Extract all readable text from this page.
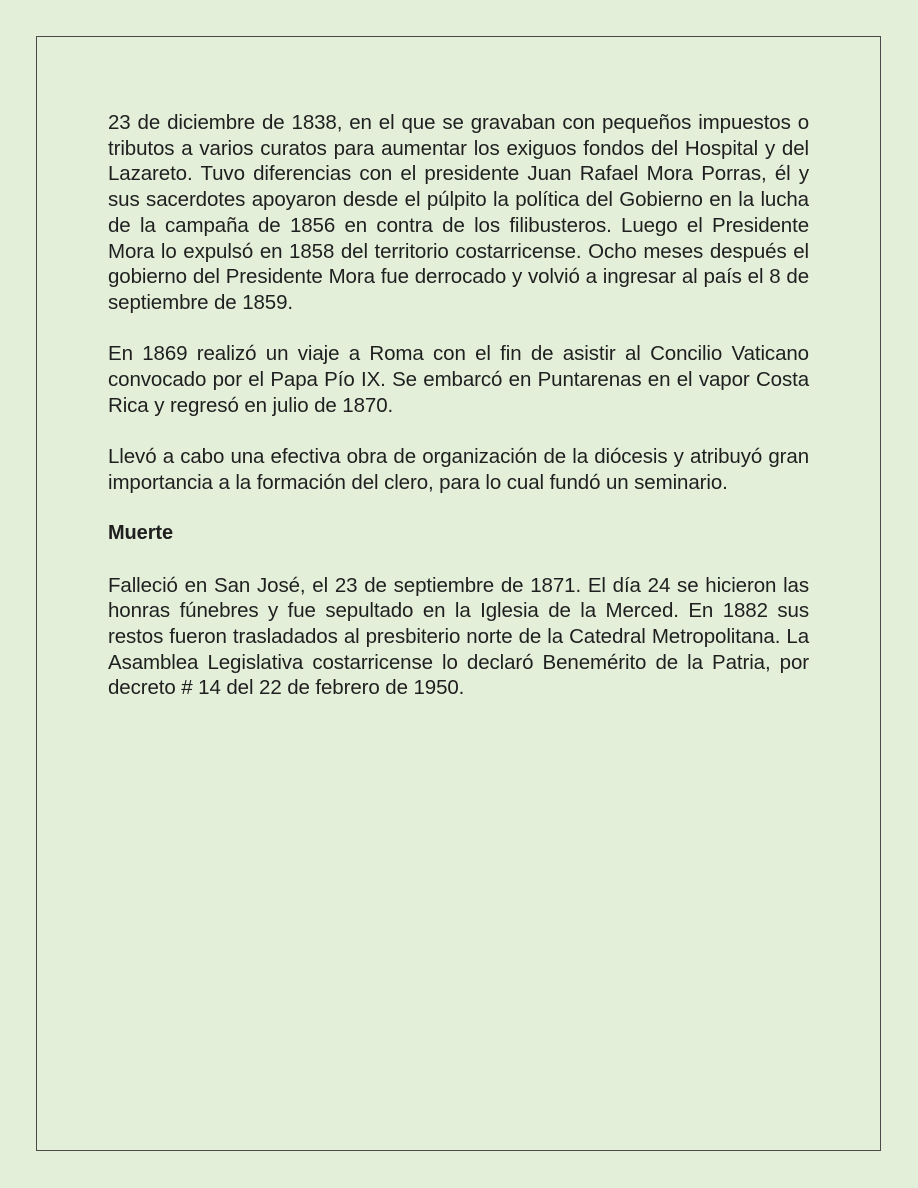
23 de diciembre de 1838, en el que se gravaban con pequeños impuestos o tributos a varios curatos para aumentar los exiguos fondos del Hospital y del Lazareto. Tuvo diferencias con el presidente Juan Rafael Mora Porras, él y sus sacerdotes apoyaron desde el púlpito la política del Gobierno en la lucha de la campaña de 1856 en contra de los filibusteros. Luego el Presidente Mora lo expulsó en 1858 del territorio costarricense. Ocho meses después el gobierno del Presidente Mora fue derrocado y volvió a ingresar al país el 8 de septiembre de 1859.

En 1869 realizó un viaje a Roma con el fin de asistir al Concilio Vaticano convocado por el Papa Pío IX. Se embarcó en Puntarenas en el vapor Costa Rica y regresó en julio de 1870.

Llevó a cabo una efectiva obra de organización de la diócesis y atribuyó gran importancia a la formación del clero, para lo cual fundó un seminario.

Muerte

Falleció en San José, el 23 de septiembre de 1871. El día 24 se hicieron las honras fúnebres y fue sepultado en la Iglesia de la Merced. En 1882 sus restos fueron trasladados al presbiterio norte de la Catedral Metropolitana. La Asamblea Legislativa costarricense lo declaró Benemérito de la Patria, por decreto # 14 del 22 de febrero de 1950.
